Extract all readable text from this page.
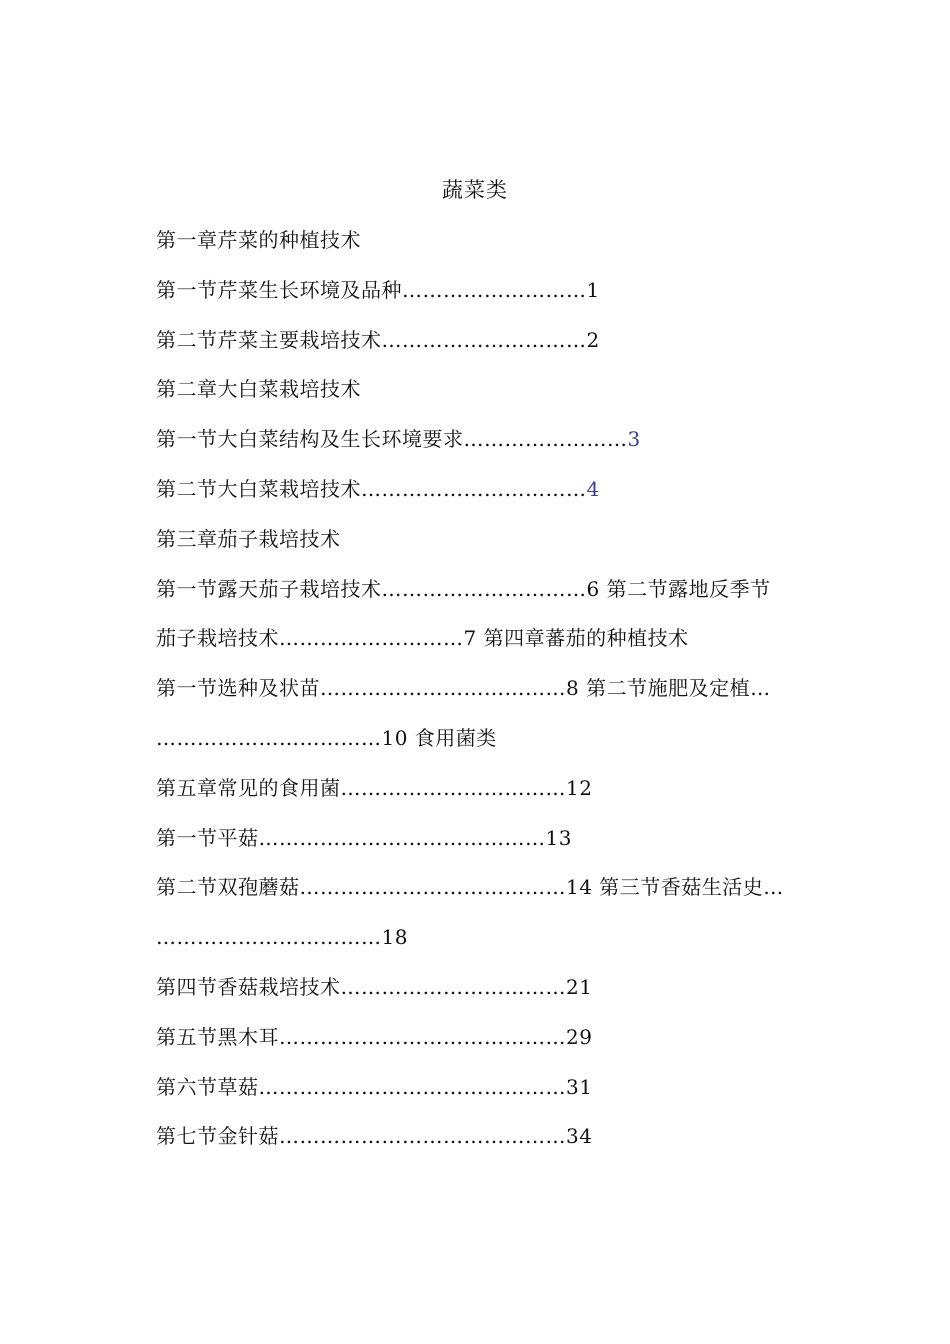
蔬菜类
第一章芹菜的种植技术
第一节芹菜生长环境及品种………………………1
第二节芹菜主要栽培技术…………………………2
第二章大白菜栽培技术
第一节大白菜结构及生长环境要求……………………3
第二节大白菜栽培技术……………………………4
第三章茄子栽培技术
第一节露天茄子栽培技术…………………………6 第二节露地反季节
茄子栽培技术………………………7 第四章蕃茄的种植技术
第一节选种及状苗………………………………8 第二节施肥及定植…
……………………………10 食用菌类
第五章常见的食用菌……………………………12
第一节平菇……………………………………13
第二节双孢蘑菇…………………………………14 第三节香菇生活史…
……………………………18
第四节香菇栽培技术……………………………21
第五节黑木耳……………………………………29
第六节草菇………………………………………31
第七节金针菇……………………………………34
